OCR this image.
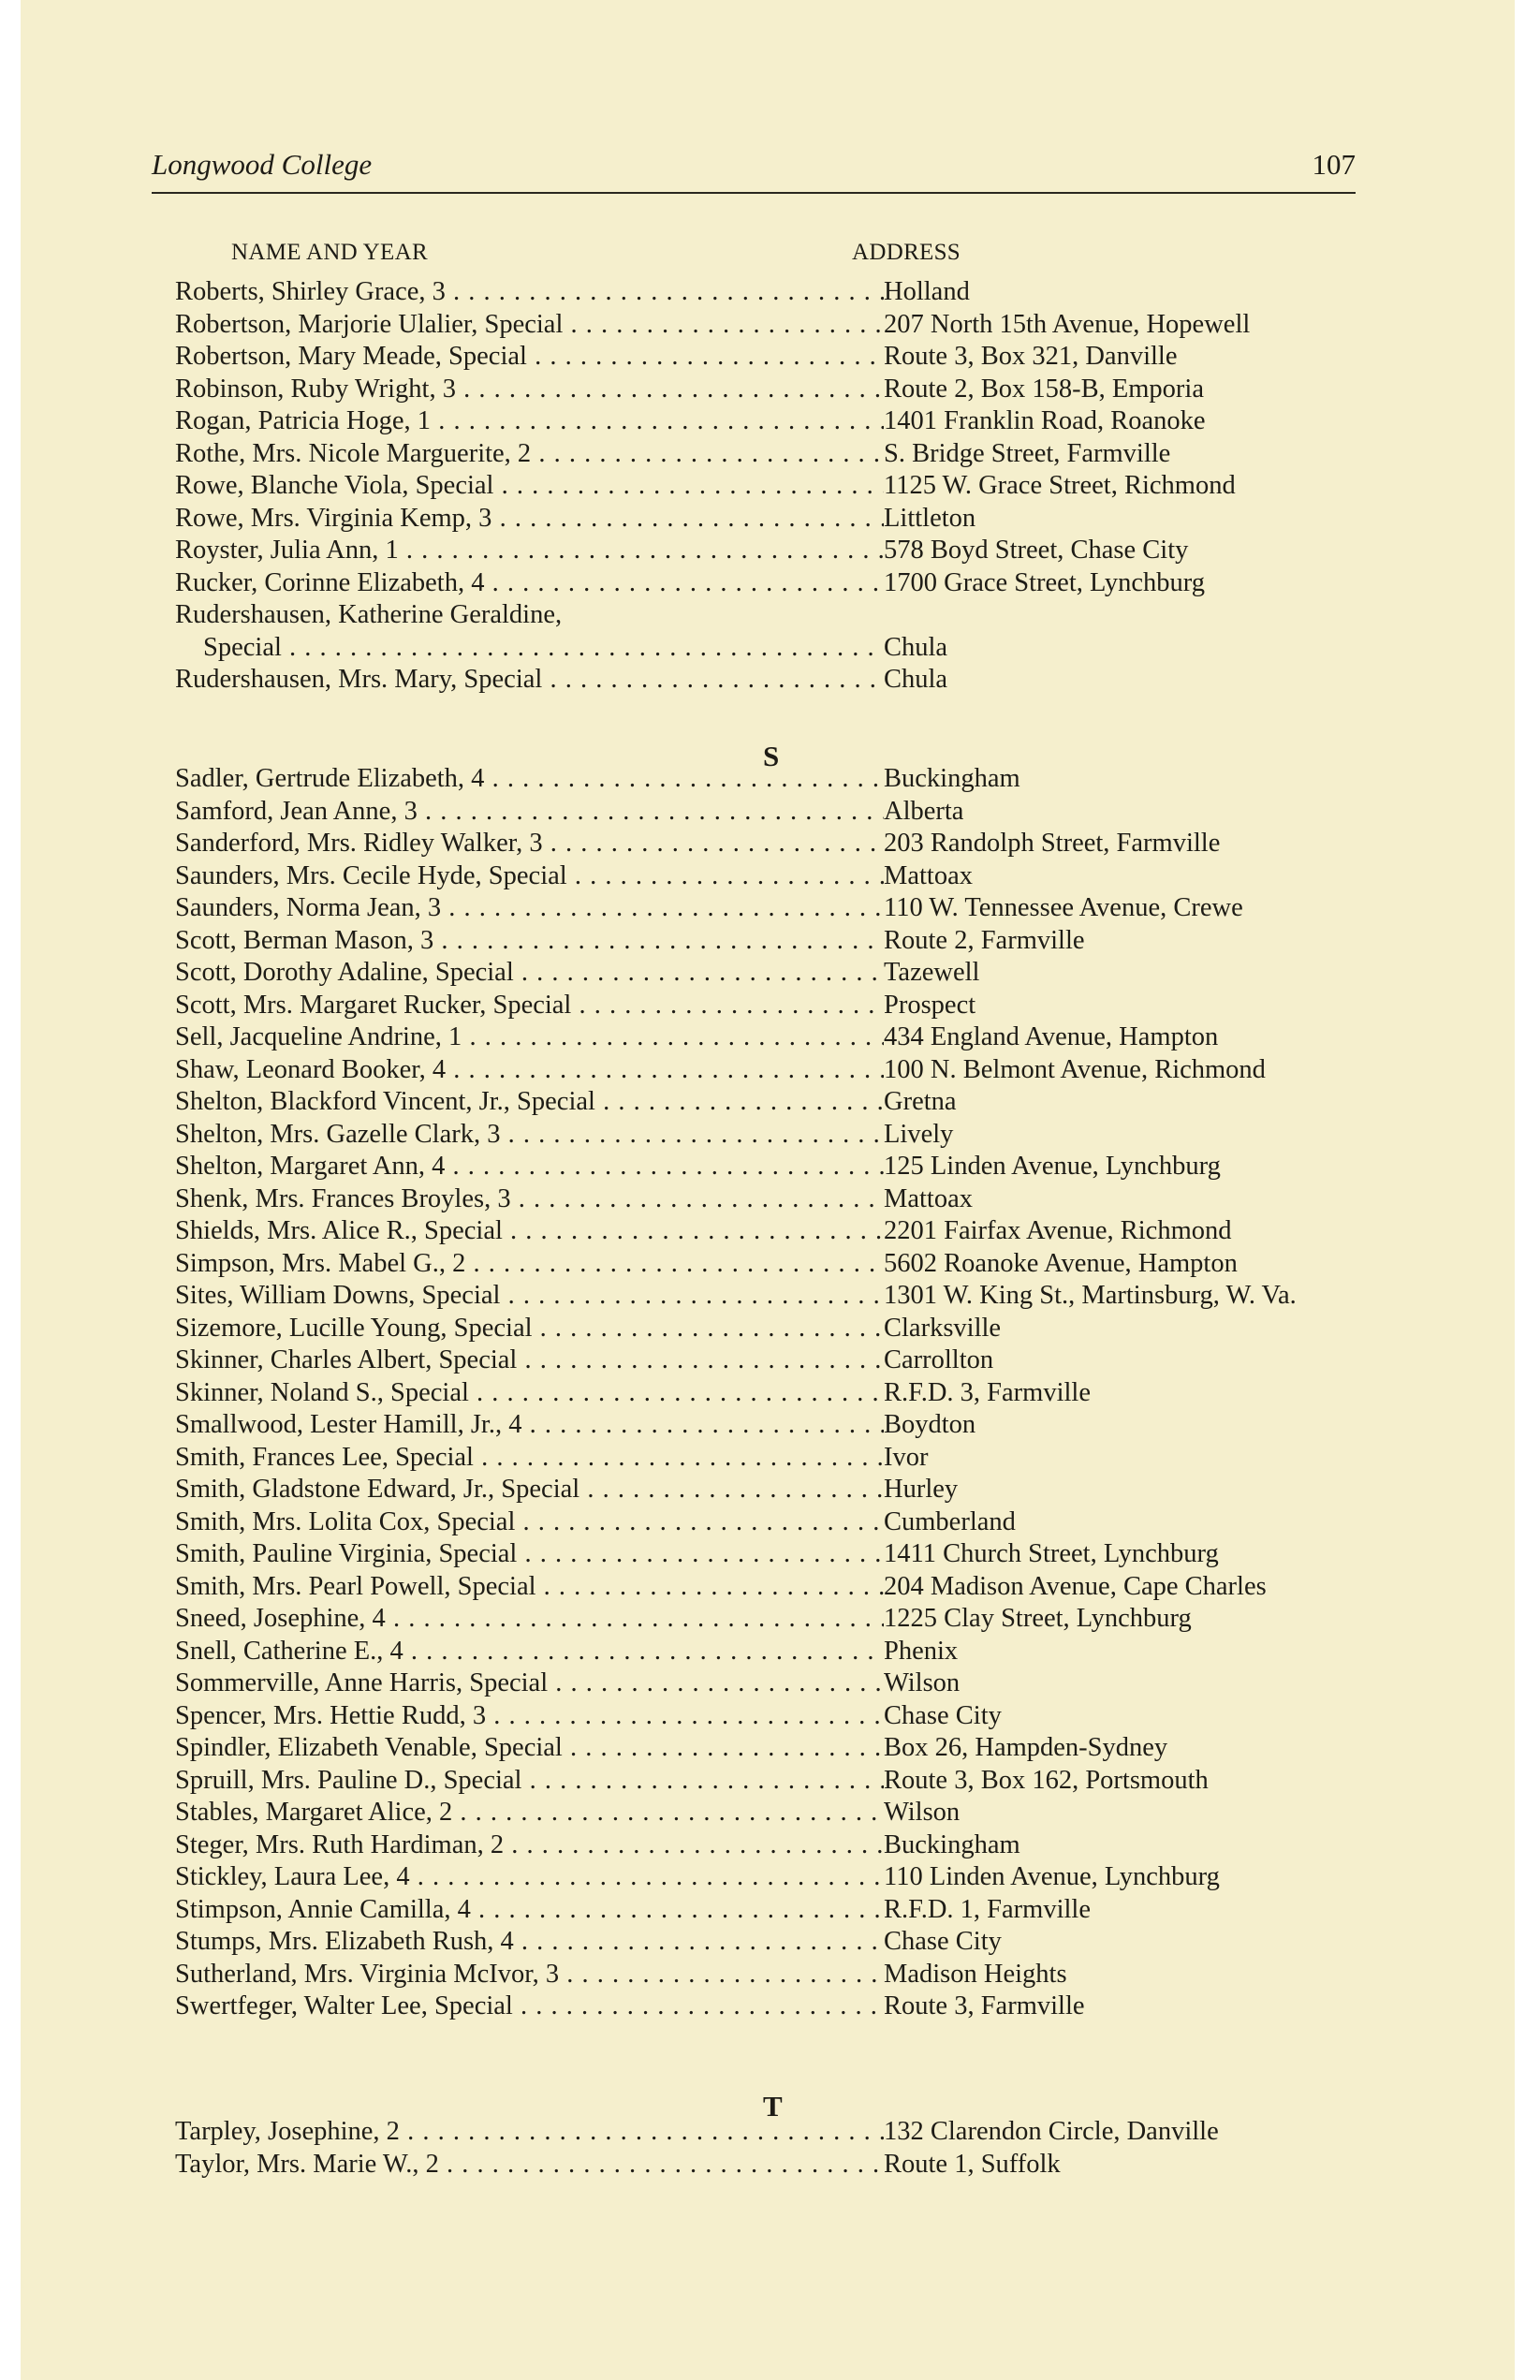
Longwood College	107
NAME AND YEAR	ADDRESS
Roberts, Shirley Grace, 3 . . .	Holland
Robertson, Marjorie Ulalier, Special . . .	207 North 15th Avenue, Hopewell
Robertson, Mary Meade, Special . . .	Route 3, Box 321, Danville
Robinson, Ruby Wright, 3 . . .	Route 2, Box 158-B, Emporia
Rogan, Patricia Hoge, 1 . . .	1401 Franklin Road, Roanoke
Rothe, Mrs. Nicole Marguerite, 2 . . .	S. Bridge Street, Farmville
Rowe, Blanche Viola, Special . . .	1125 W. Grace Street, Richmond
Rowe, Mrs. Virginia Kemp, 3 . . .	Littleton
Royster, Julia Ann, 1 . . .	578 Boyd Street, Chase City
Rucker, Corinne Elizabeth, 4 . . .	1700 Grace Street, Lynchburg
Rudershausen, Katherine Geraldine,
Special . . .	Chula
Rudershausen, Mrs. Mary, Special . . .	Chula
S
Sadler, Gertrude Elizabeth, 4 . . .	Buckingham
Samford, Jean Anne, 3 . . .	Alberta
Sanderford, Mrs. Ridley Walker, 3 . . .	203 Randolph Street, Farmville
Saunders, Mrs. Cecile Hyde, Special . . .	Mattoax
Saunders, Norma Jean, 3 . . .	110 W. Tennessee Avenue, Crewe
Scott, Berman Mason, 3 . . .	Route 2, Farmville
Scott, Dorothy Adaline, Special . . .	Tazewell
Scott, Mrs. Margaret Rucker, Special . . .	Prospect
Sell, Jacqueline Andrine, 1 . . .	434 England Avenue, Hampton
Shaw, Leonard Booker, 4 . . .	100 N. Belmont Avenue, Richmond
Shelton, Blackford Vincent, Jr., Special . . .	Gretna
Shelton, Mrs. Gazelle Clark, 3 . . .	Lively
Shelton, Margaret Ann, 4 . . .	125 Linden Avenue, Lynchburg
Shenk, Mrs. Frances Broyles, 3 . . .	Mattoax
Shields, Mrs. Alice R., Special . . .	2201 Fairfax Avenue, Richmond
Simpson, Mrs. Mabel G., 2 . . .	5602 Roanoke Avenue, Hampton
Sites, William Downs, Special . . .	1301 W. King St., Martinsburg, W. Va.
Sizemore, Lucille Young, Special . . .	Clarksville
Skinner, Charles Albert, Special . . .	Carrollton
Skinner, Noland S., Special . . .	R.F.D. 3, Farmville
Smallwood, Lester Hamill, Jr., 4 . . .	Boydton
Smith, Frances Lee, Special . . .	Ivor
Smith, Gladstone Edward, Jr., Special . . .	Hurley
Smith, Mrs. Lolita Cox, Special . . .	Cumberland
Smith, Pauline Virginia, Special . . .	1411 Church Street, Lynchburg
Smith, Mrs. Pearl Powell, Special . . .	204 Madison Avenue, Cape Charles
Sneed, Josephine, 4 . . .	1225 Clay Street, Lynchburg
Snell, Catherine E., 4 . . .	Phenix
Sommerville, Anne Harris, Special . . .	Wilson
Spencer, Mrs. Hettie Rudd, 3 . . .	Chase City
Spindler, Elizabeth Venable, Special . . .	Box 26, Hampden-Sydney
Spruill, Mrs. Pauline D., Special . . .	Route 3, Box 162, Portsmouth
Stables, Margaret Alice, 2 . . .	Wilson
Steger, Mrs. Ruth Hardiman, 2 . . .	Buckingham
Stickley, Laura Lee, 4 . . .	110 Linden Avenue, Lynchburg
Stimpson, Annie Camilla, 4 . . .	R.F.D. 1, Farmville
Stumps, Mrs. Elizabeth Rush, 4 . . .	Chase City
Sutherland, Mrs. Virginia McIvor, 3 . . .	Madison Heights
Swertfeger, Walter Lee, Special . . .	Route 3, Farmville
T
Tarpley, Josephine, 2 . . .	132 Clarendon Circle, Danville
Taylor, Mrs. Marie W., 2 . . .	Route 1, Suffolk
